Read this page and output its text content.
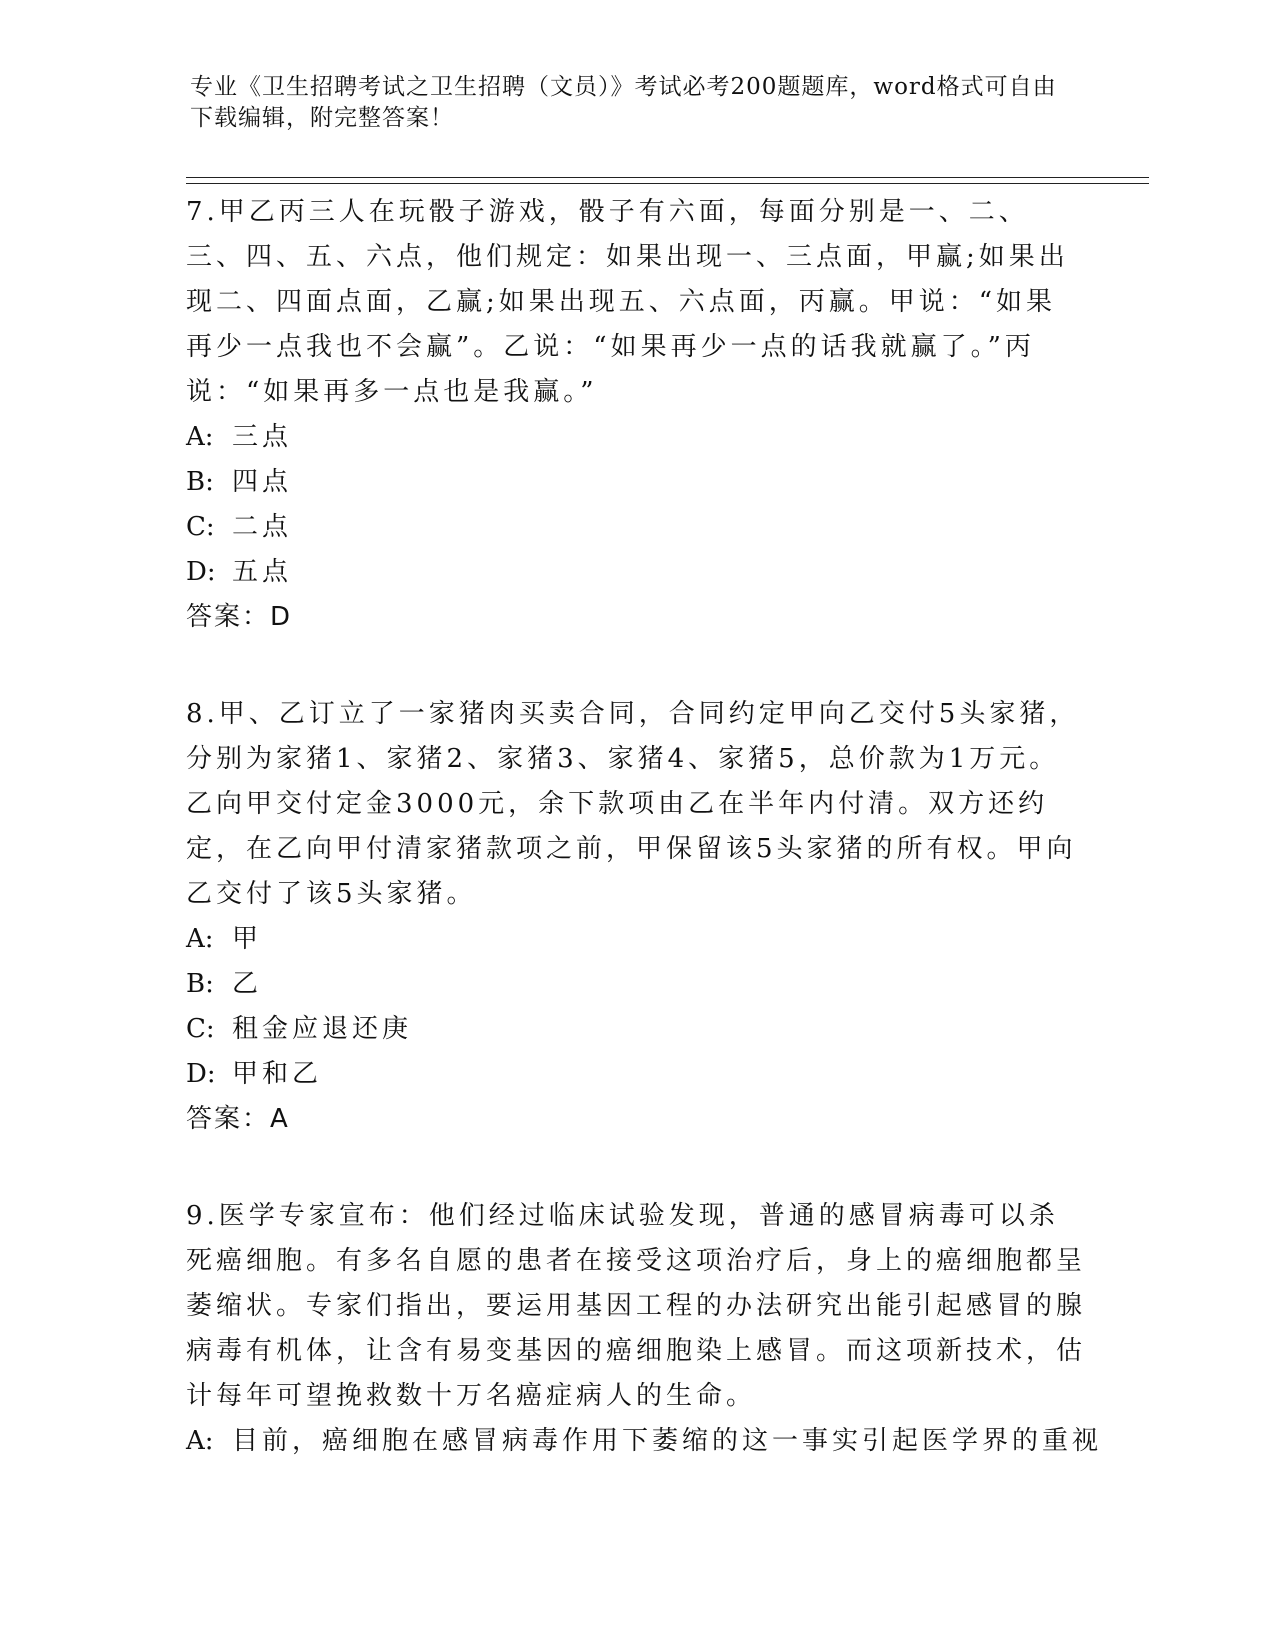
专业《卫生招聘考试之卫生招聘（文员）》考试必考200题题库，word格式可自由下载编辑，附完整答案！
7.甲乙丙三人在玩骰子游戏，骰子有六面，每面分别是一、二、三、四、五、六点，他们规定：如果出现一、三点面，甲赢;如果出现二、四面点面，乙赢;如果出现五、六点面，丙赢。甲说：“如果再少一点我也不会赢”。乙说：“如果再少一点的话我就赢了。”丙说：“如果再多一点也是我赢。”
A: 三点
B: 四点
C: 二点
D: 五点
答案：D
8.甲、乙订立了一家猪肉买卖合同，合同约定甲向乙交付5头家猪，分别为家猪1、家猪2、家猪3、家猪4、家猪5，总价款为1万元。乙向甲交付定金3000元，余下款项由乙在半年内付清。双方还约定，在乙向甲付清家猪款项之前，甲保留该5头家猪的所有权。甲向乙交付了该5头家猪。
A: 甲
B: 乙
C: 租金应退还庚
D: 甲和乙
答案：A
9.医学专家宣布：他们经过临床试验发现，普通的感冒病毒可以杀死癌细胞。有多名自愿的患者在接受这项治疗后，身上的癌细胞都呈萎缩状。专家们指出，要运用基因工程的办法研究出能引起感冒的腺病毒有机体，让含有易变基因的癌细胞染上感冒。而这项新技术，估计每年可望挽救数十万名癌症病人的生命。
A: 目前，癌细胞在感冒病毒作用下萎缩的这一事实引起医学界的重视
